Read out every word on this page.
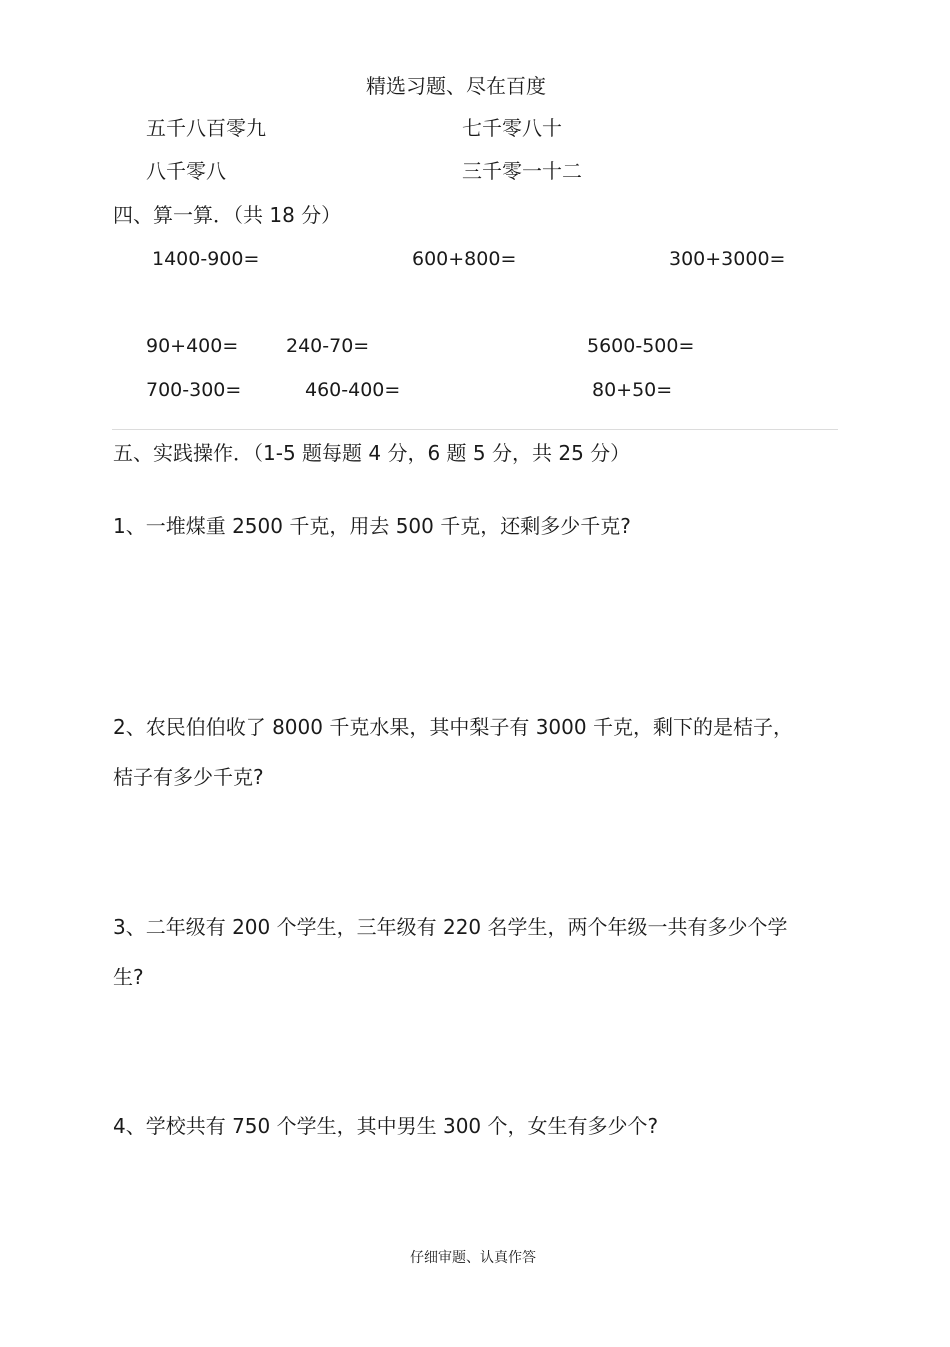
精选习题、尽在百度
五千八百零九	七千零八十
八千零八	三千零一十二
四、算一算．（共 18 分）
1400-900=	600+800=	300+3000=
90+400=	240-70=	5600-500=
700-300=	460-400=	80+50=
五、实践操作．（1-5 题每题 4 分，6 题 5 分，共 25 分）
1、一堆煤重 2500 千克，用去 500 千克，还剩多少千克?
2、农民伯伯收了 8000 千克水果，其中梨子有 3000 千克，剩下的是桔子，
桔子有多少千克?
3、二年级有 200 个学生，三年级有 220 名学生，两个年级一共有多少个学
生?
4、学校共有 750 个学生，其中男生 300 个，女生有多少个?
仔细审题、认真作答
